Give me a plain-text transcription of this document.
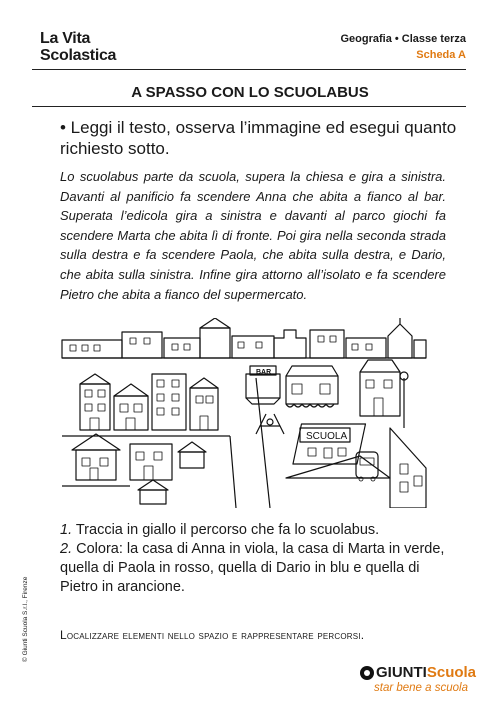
La Vita
Scolastica
Geografia • Classe terza
Scheda A
A SPASSO CON LO SCUOLABUS
• Leggi il testo, osserva l’immagine ed esegui quanto richiesto sotto.
Lo scuolabus parte da scuola, supera la chiesa e gira a sinistra. Davanti al panificio fa scendere Anna che abita a fianco al bar. Superata l’edicola gira a sinistra e davanti al parco giochi fa scendere Marta che abita lì di fronte. Poi gira nella seconda strada sulla destra e fa scendere Paola, che abita sulla destra, e Dario, che abita sulla sinistra. Infine gira attorno all’isolato e fa scendere Pietro che abita a fianco del supermercato.
BAR
SCUOLA
1. Traccia in giallo il percorso che fa lo scuolabus.
2. Colora: la casa di Anna in viola, la casa di Marta in verde, quella di Paola in rosso, quella di Dario in blu e quella di Pietro in arancione.
Localizzare elementi nello spazio e rappresentare percorsi.
© Giunti Scuola S.r.l., Firenze
GIUNTI Scuola
star bene a scuola
